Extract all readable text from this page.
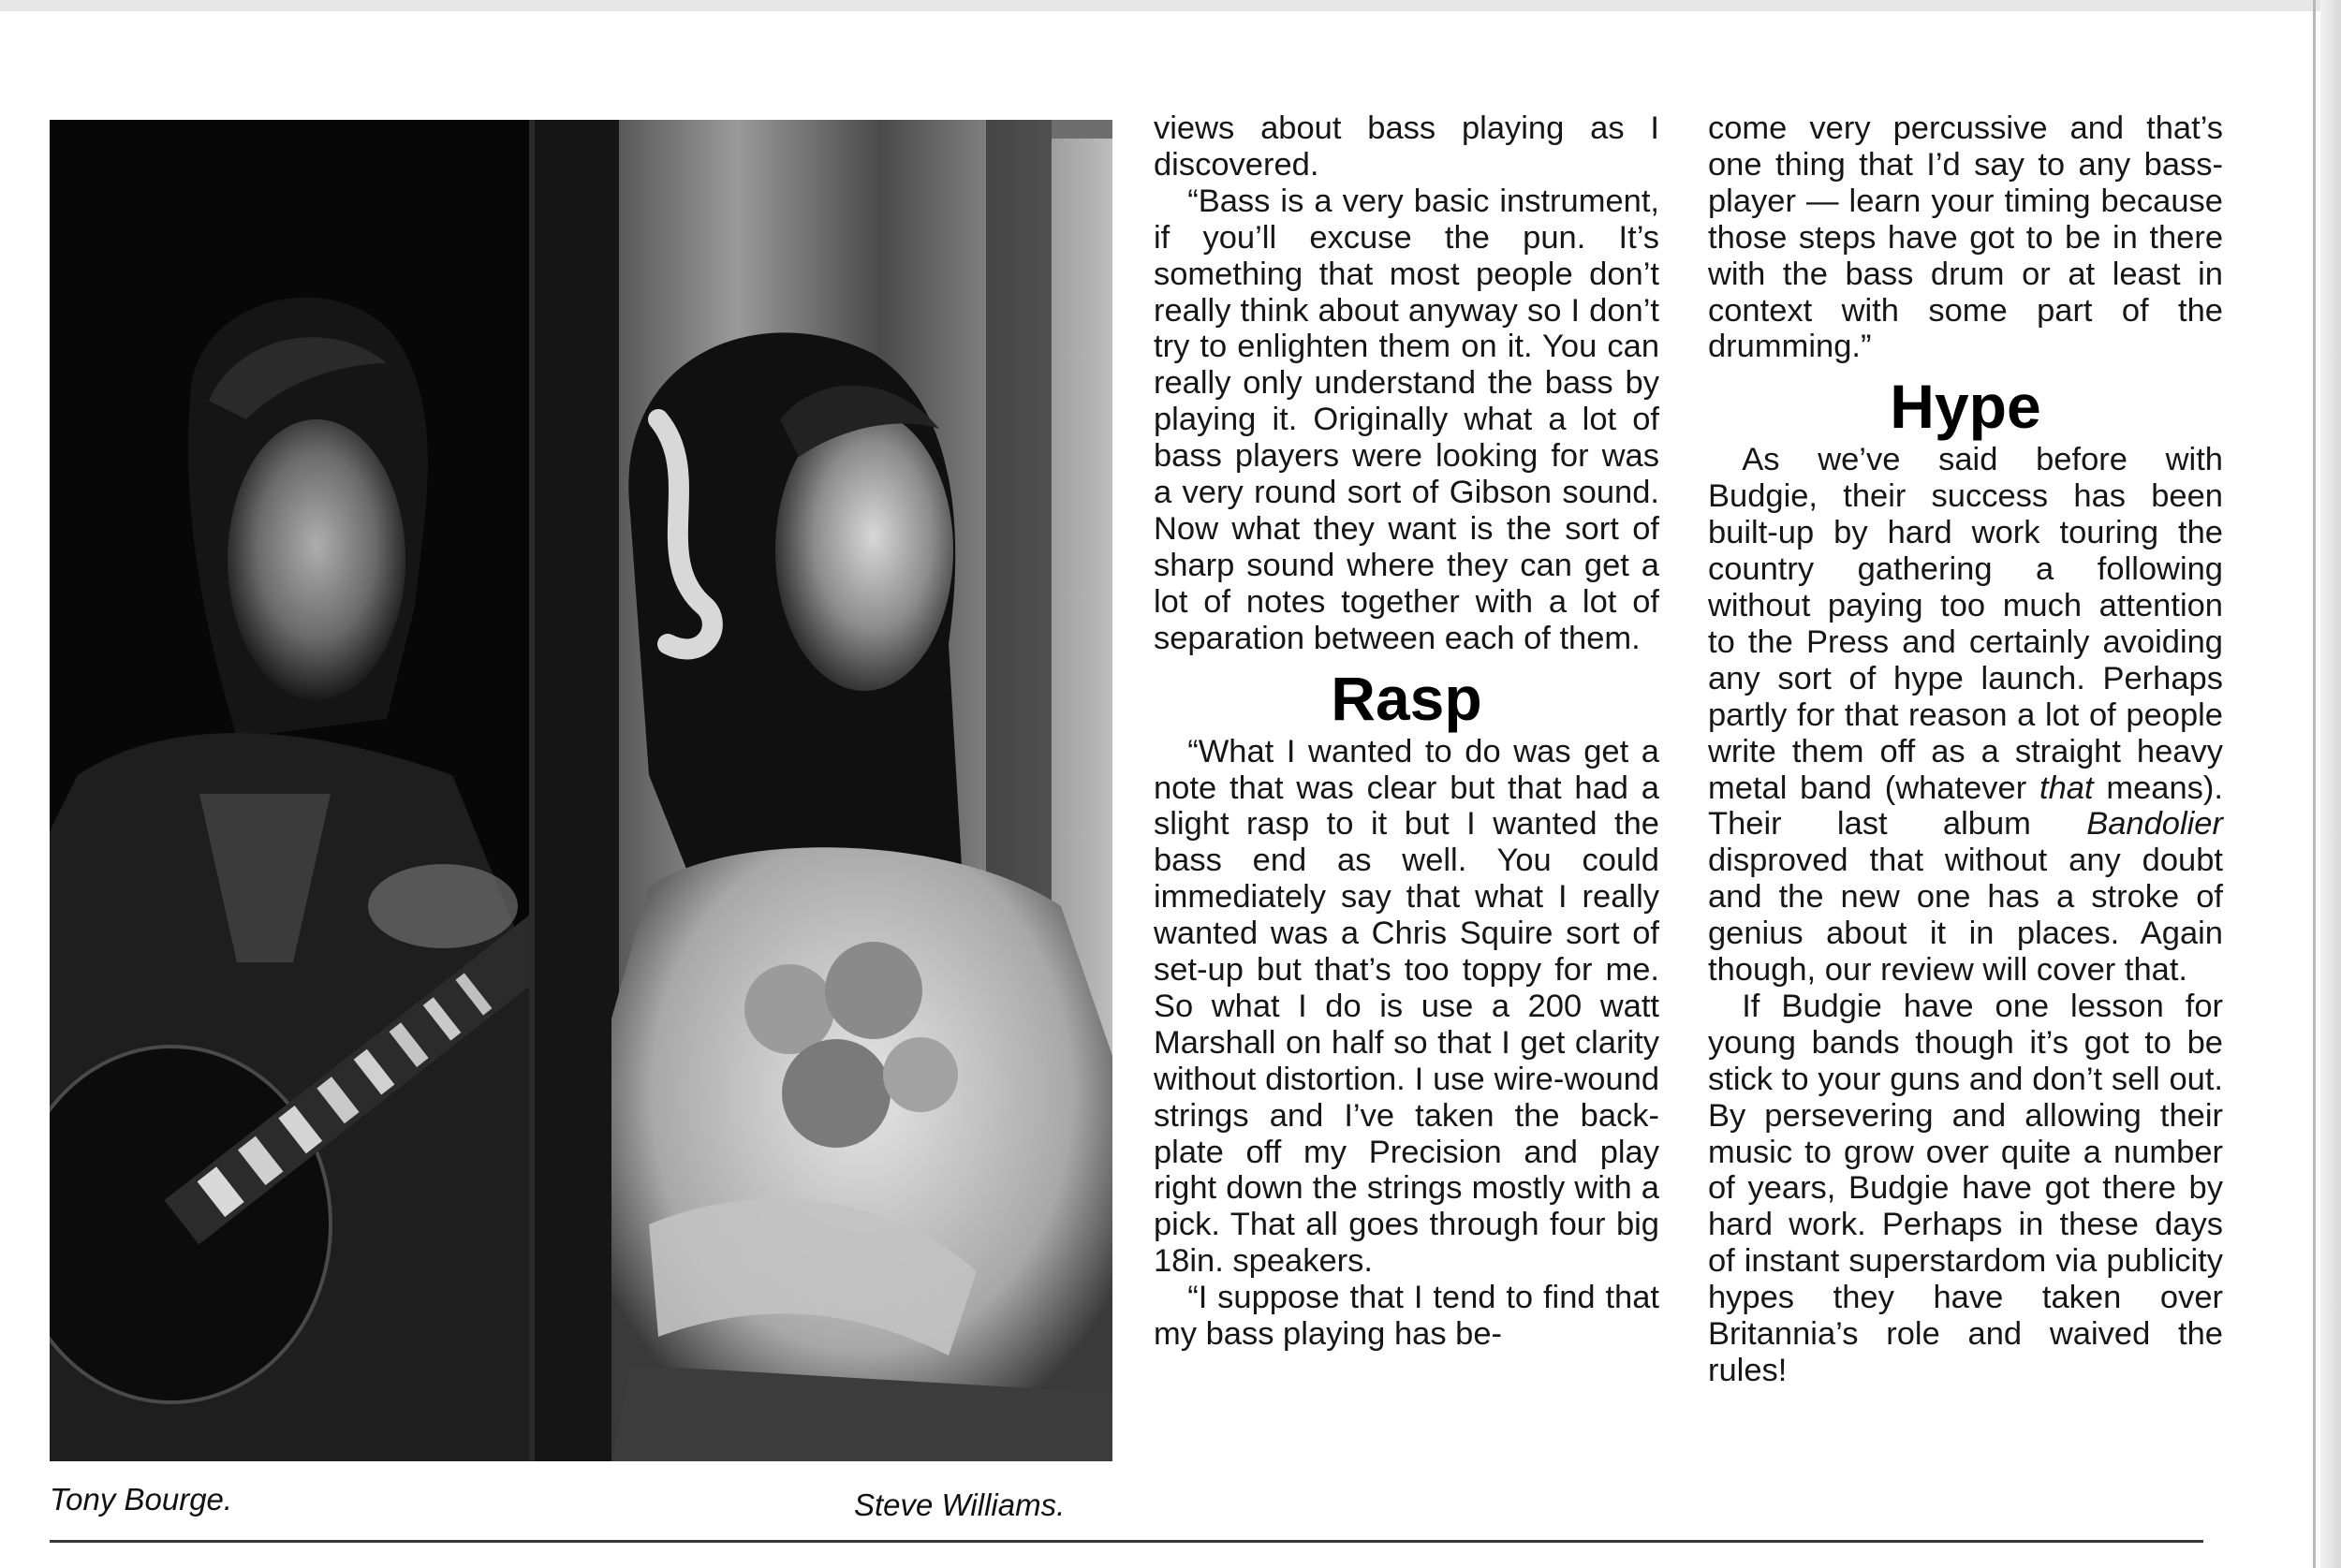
Tony Bourge.	Steve Williams.

views about bass playing as I discovered.

“Bass is a very basic instrument, if you’ll excuse the pun. It’s something that most people don’t really think about anyway so I don’t try to enlighten them on it. You can really only understand the bass by playing it. Originally what a lot of bass players were looking for was a very round sort of Gibson sound. Now what they want is the sort of sharp sound where they can get a lot of notes together with a lot of separation between each of them.

Rasp

“What I wanted to do was get a note that was clear but that had a slight rasp to it but I wanted the bass end as well. You could immediately say that what I really wanted was a Chris Squire sort of set-up but that’s too toppy for me. So what I do is use a 200 watt Marshall on half so that I get clarity without distortion. I use wire-wound strings and I’ve taken the back-plate off my Precision and play right down the strings mostly with a pick. That all goes through four big 18in. speakers.

“I suppose that I tend to find that my bass playing has be-

come very percussive and that’s one thing that I’d say to any bass-player — learn your timing because those steps have got to be in there with the bass drum or at least in context with some part of the drumming.”

Hype

As we’ve said before with Budgie, their success has been built-up by hard work touring the country gathering a following without paying too much attention to the Press and certainly avoiding any sort of hype launch. Perhaps partly for that reason a lot of people write them off as a straight heavy metal band (whatever that means). Their last album Bandolier disproved that without any doubt and the new one has a stroke of genius about it in places. Again though, our review will cover that.

If Budgie have one lesson for young bands though it’s got to be stick to your guns and don’t sell out. By persevering and allowing their music to grow over quite a number of years, Budgie have got there by hard work. Perhaps in these days of instant superstardom via publicity hypes they have taken over Britannia’s role and waived the rules!
